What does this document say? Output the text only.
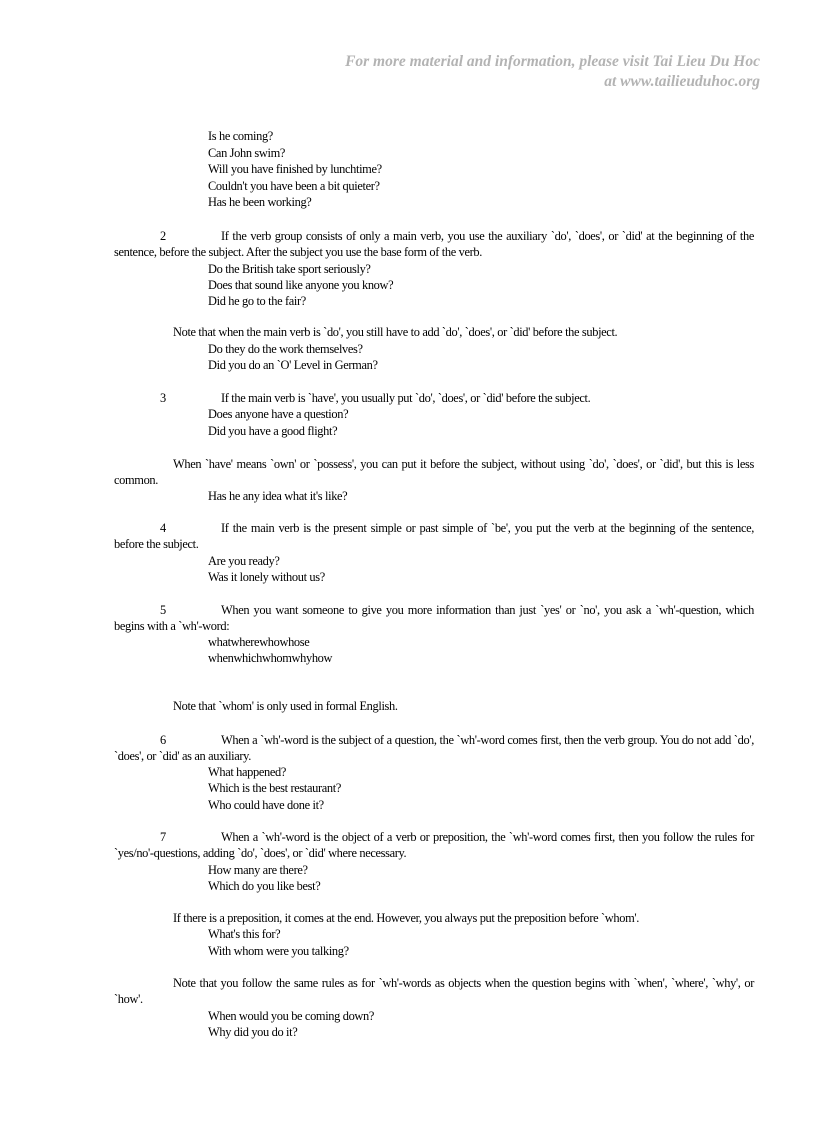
For more material and information, please visit Tai Lieu Du Hoc
at www.tailieuduhoc.org
Is he coming?
Can John swim?
Will you have finished by lunchtime?
Couldn't you have been a bit quieter?
Has he been working?
2	If the verb group consists of only a main verb, you use the auxiliary `do', `does', or `did' at the beginning of the sentence, before the subject. After the subject you use the base form of the verb.
Do the British take sport seriously?
Does that sound like anyone you know?
Did he go to the fair?
Note that when the main verb is `do', you still have to add `do', `does', or `did' before the subject.
Do they do the work themselves?
Did you do an `O' Level in German?
3	If the main verb is `have', you usually put `do', `does', or `did' before the subject.
Does anyone have a question?
Did you have a good flight?
When `have' means `own' or `possess', you can put it before the subject, without using `do', `does', or `did', but this is less common.
Has he any idea what it's like?
4	If the main verb is the present simple or past simple of `be', you put the verb at the beginning of the sentence, before the subject.
Are you ready?
Was it lonely without us?
5	When you want someone to give you more information than just `yes' or `no', you ask a `wh'-question, which begins with a `wh'-word:
whatwherewhowhose
whenwhichwhomwhyhow
Note that `whom' is only used in formal English.
6	When a `wh'-word is the subject of a question, the `wh'-word comes first, then the verb group. You do not add `do', `does', or `did' as an auxiliary.
What happened?
Which is the best restaurant?
Who could have done it?
7	When a `wh'-word is the object of a verb or preposition, the `wh'-word comes first, then you follow the rules for `yes/no'-questions, adding `do', `does', or `did' where necessary.
How many are there?
Which do you like best?
If there is a preposition, it comes at the end. However, you always put the preposition before `whom'.
What's this for?
With whom were you talking?
Note that you follow the same rules as for `wh'-words as objects when the question begins with `when', `where', `why', or `how'.
When would you be coming down?
Why did you do it?
